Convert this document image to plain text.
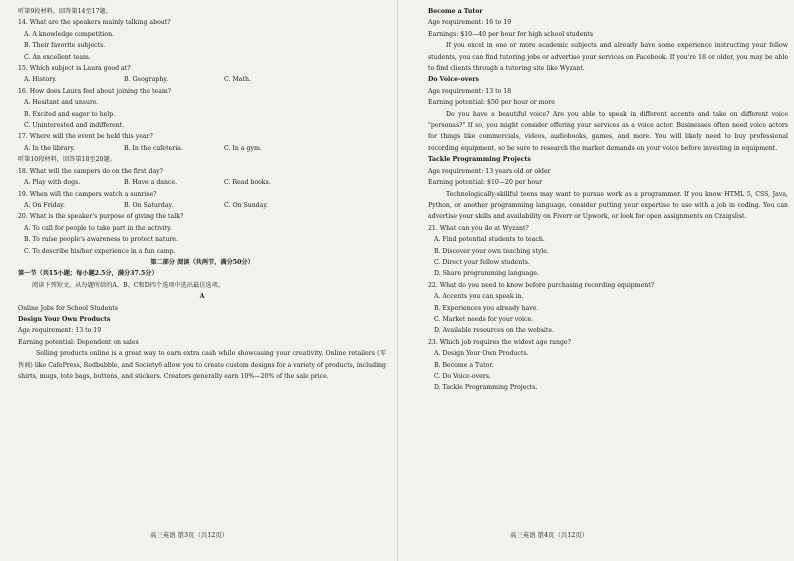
听第9段材料，回答第14至17题。
14. What are the speakers mainly talking about?
A. A knowledge competition.
B. Their favorite subjects.
C. An excellent team.
15. Which subject is Laura good at?
A. History.	B. Geography.	C. Math.
16. How does Laura feel about joining the team?
A. Hesitant and unsure.
B. Excited and eager to help.
C. Uninterested and indifferent.
17. Where will the event be held this year?
A. In the library.	B. In the cafeteria.	C. In a gym.
听第10段材料，回答第18至20题。
18. What will the campers do on the first day?
A. Play with dogs.	B. Have a dance.	C. Read books.
19. When will the campers watch a sunrise?
A. On Friday.	B. On Saturday.	C. On Sunday.
20. What is the speaker's purpose of giving the talk?
A. To call for people to take part in the activity.
B. To raise people's awareness to protect nature.
C. To describe his/her experience in a fun camp.
第二部分 阅读（共两节，满分50分）
第一节（共15小题；每小题2.5分，满分37.5分）
阅读下列短文，从每题所给的A、B、C和D四个选项中选出最佳选项。
A
Online Jobs for School Students
Design Your Own Products
Age requirement: 13 to 19
Earning potential: Dependent on sales
Selling products online is a great way to earn extra cash while showcasing your creativity. Online retailers (零售商) like CafePress, Redbubble, and Society6 allow you to create custom designs for a variety of products, including shirts, mugs, tote bags, buttons, and stickers. Creators generally earn 10%—20% of the sale price.
高三英语 第3页（共12页）
Become a Tutor
Age requirement: 16 to 19
Earnings: $10—40 per hour for high school students
If you excel in one or more academic subjects and already have some experience instructing your fellow students, you can find tutoring jobs or advertise your services on Facebook. If you're 18 or older, you may be able to find clients through a tutoring site like Wyzant.
Do Voice-overs
Age requirement: 13 to 18
Earning potential: $50 per hour or more
Do you have a beautiful voice? Are you able to speak in different accents and take on different voice "personas?" If so, you might consider offering your services as a voice actor. Businesses often need voice actors for things like commercials, videos, audiobooks, games, and more. You will likely need to buy professional recording equipment, so be sure to research the market demands on your voice before investing in equipment.
Tackle Programming Projects
Age requirement: 13 years old or older
Earning potential: $10—20 per hour
Technologically-skillful teens may want to pursue work as a programmer. If you know HTML 5, CSS, Java, Python, or another programming language, consider putting your expertise to use with a job in coding. You can advertise your skills and availability on Fiverr or Upwork, or look for open assignments on Craigslist.
21. What can you do at Wyzant?
A. Find potential students to teach.
B. Discover your own teaching style.
C. Direct your fellow students.
D. Share programming language.
22. What do you need to know before purchasing recording equipment?
A. Accents you can speak in.
B. Experiences you already have.
C. Market needs for your voice.
D. Available resources on the website.
23. Which job requires the widest age range?
A. Design Your Own Products.
B. Become a Tutor.
C. Do Voice-overs.
D. Tackle Programming Projects.
高三英语 第4页（共12页）
